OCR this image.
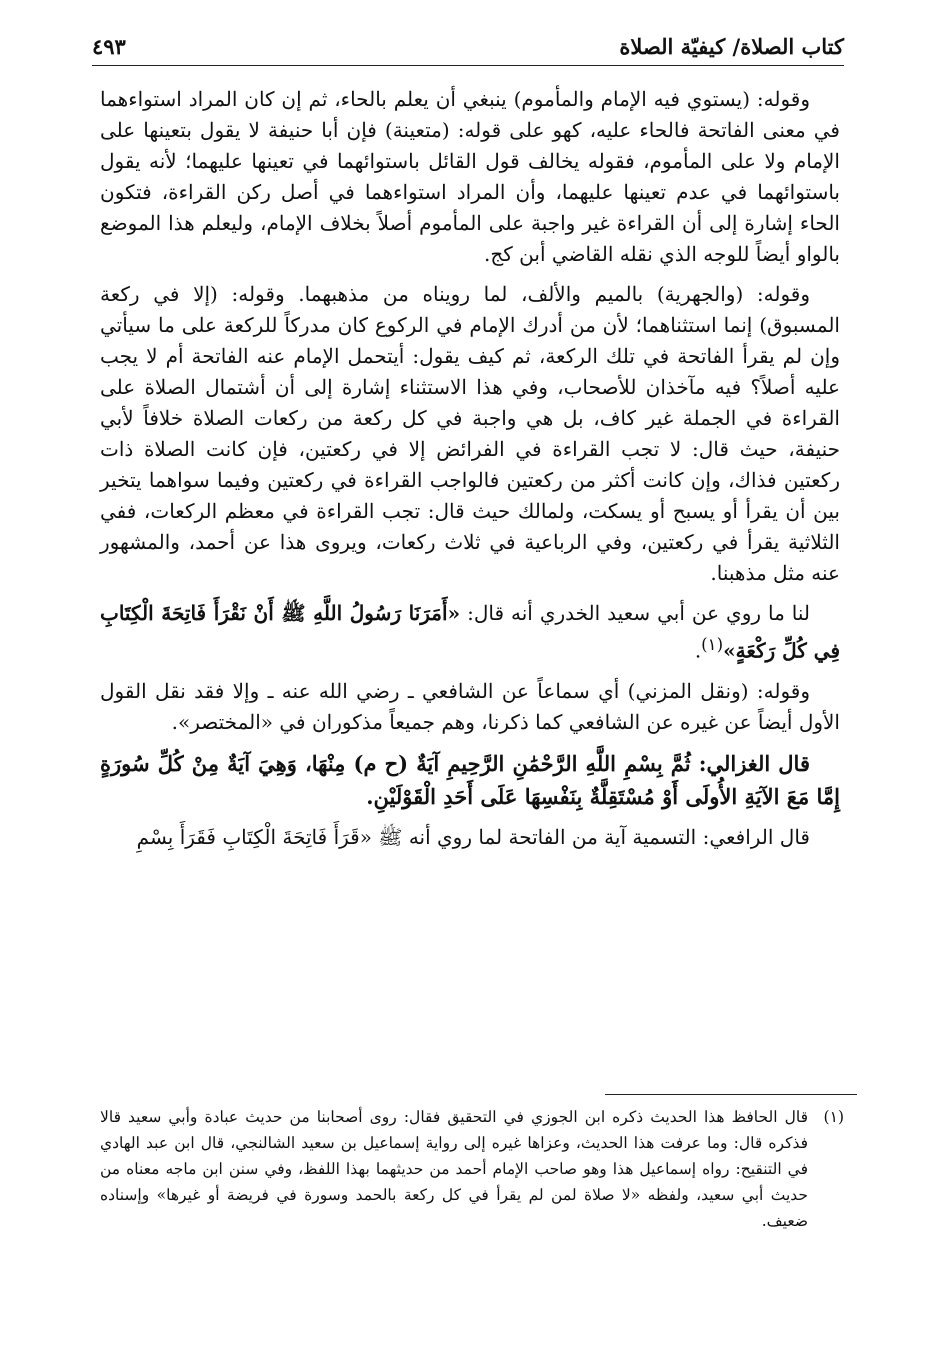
كتاب الصلاة/ كيفيّة الصلاة
٤٩٣

وقوله: (يستوي فيه الإمام والمأموم) ينبغي أن يعلم بالحاء، ثم إن كان المراد استواءهما في معنى الفاتحة فالحاء عليه، كهو على قوله: (متعينة) فإن أبا حنيفة لا يقول بتعينها على الإمام ولا على المأموم، فقوله يخالف قول القائل باستوائهما في تعينها عليهما؛ لأنه يقول باستوائهما في عدم تعينها عليهما، وأن المراد استواءهما في أصل ركن القراءة، فتكون الحاء إشارة إلى أن القراءة غير واجبة على المأموم أصلاً بخلاف الإمام، وليعلم هذا الموضع بالواو أيضاً للوجه الذي نقله القاضي أبن كج.

وقوله: (والجهرية) بالميم والألف، لما رويناه من مذهبهما. وقوله: (إلا في ركعة المسبوق) إنما استثناهما؛ لأن من أدرك الإمام في الركوع كان مدركاً للركعة على ما سيأتي وإن لم يقرأ الفاتحة في تلك الركعة، ثم كيف يقول: أيتحمل الإمام عنه الفاتحة أم لا يجب عليه أصلاً؟ فيه مآخذان للأصحاب، وفي هذا الاستثناء إشارة إلى أن أشتمال الصلاة على القراءة في الجملة غير كاف، بل هي واجبة في كل ركعة من ركعات الصلاة خلافاً لأبي حنيفة، حيث قال: لا تجب القراءة في الفرائض إلا في ركعتين، فإن كانت الصلاة ذات ركعتين فذاك، وإن كانت أكثر من ركعتين فالواجب القراءة في ركعتين وفيما سواهما يتخير بين أن يقرأ أو يسبح أو يسكت، ولمالك حيث قال: تجب القراءة في معظم الركعات، ففي الثلاثية يقرأ في ركعتين، وفي الرباعية في ثلاث ركعات، ويروى هذا عن أحمد، والمشهور عنه مثل مذهبنا.

لنا ما روي عن أبي سعيد الخدري أنه قال: «أَمَرَنَا رَسُولُ اللَّهِ ﷺ أَنْ نَقْرَأَ فَاتِحَةَ الْكِتَابِ فِي كُلِّ رَكْعَةٍ»$^{(١)}$.

وقوله: (ونقل المزني) أي سماعاً عن الشافعي ـ رضي الله عنه ـ وإلا فقد نقل القول الأول أيضاً عن غيره عن الشافعي كما ذكرنا، وهم جميعاً مذكوران في «المختصر».

قال الغزالي: ثُمَّ بِسْمِ اللَّهِ الرَّحْمَٰنِ الرَّحِيمِ آيَةٌ (ح م) مِنْهَا، وَهِيَ آيَةٌ مِنْ كُلِّ سُورَةٍ إِمَّا مَعَ الآيَةِ الأُولَى أَوْ مُسْتَقِلَّةٌ بِنَفْسِهَا عَلَى أَحَدِ الْقَوْلَيْنِ.

قال الرافعي: التسمية آية من الفاتحة لما روي أنه ﷺ «قَرَأَ فَاتِحَةَ الْكِتَابِ فَقَرَأَ بِسْمِ

(١)
قال الحافظ هذا الحديث ذكره ابن الجوزي في التحقيق فقال: روى أصحابنا من حديث عبادة وأبي سعيد قالا فذكره قال: وما عرفت هذا الحديث، وعزاها غيره إلى رواية إسماعيل بن سعيد الشالنجي، قال ابن عبد الهادي في التنقيح: رواه إسماعيل هذا وهو صاحب الإمام أحمد من حديثهما بهذا اللفظ، وفي سنن ابن ماجه معناه من حديث أبي سعيد، ولفظه «لا صلاة لمن لم يقرأ في كل ركعة بالحمد وسورة في فريضة أو غيرها» وإسناده ضعيف.
